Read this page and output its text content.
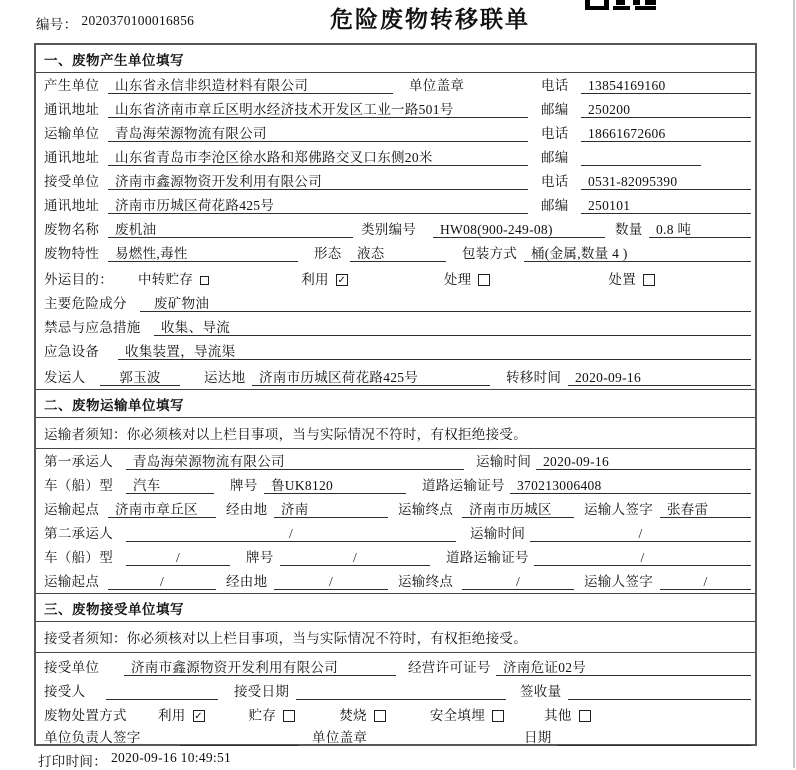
编号： 2020370100016856	危险废物转移联单
一、废物产生单位填写
产生单位	山东省永信非织造材料有限公司	单位盖章	电话	13854169160
通讯地址	山东省济南市章丘区明水经济技术开发区工业一路501号	邮编	250200
运输单位	青岛海荣源物流有限公司	电话	18661672606
通讯地址	山东省青岛市李沧区徐水路和郑佛路交叉口东侧20米	邮编
接受单位	济南市鑫源物资开发利用有限公司	电话	0531-82095390
通讯地址	济南市历城区荷花路425号	邮编	250101
废物名称	废机油	类别编号	HW08(900-249-08)	数量 0.8 吨
废物特性	易燃性,毒性	形态	液态	包装方式	桶(金属,数量 4 )
外运目的：	中转贮存	利用 ✓	处理	处置
主要危险成分	废矿物油
禁忌与应急措施	收集、导流
应急设备	收集装置，导流渠
发运人	郭玉波	运达地	济南市历城区荷花路425号	转移时间	2020-09-16
二、废物运输单位填写
运输者须知：你必须核对以上栏目事项，当与实际情况不符时，有权拒绝接受。
第一承运人	青岛海荣源物流有限公司	运输时间 2020-09-16
车（船）型	汽车	牌号 鲁UK8120	道路运输证号 370213006408
运输起点	济南市章丘区	经由地	济南	运输终点	济南市历城区	运输人签字	张春雷
第二承运人	/	运输时间	/
车（船）型	/	牌号	/	道路运输证号	/
运输起点	/	经由地	/	运输终点	/	运输人签字	/
三、废物接受单位填写
接受者须知：你必须核对以上栏目事项，当与实际情况不符时，有权拒绝接受。
接受单位	济南市鑫源物资开发利用有限公司	经营许可证号 济南危证02号
接受人	接受日期	签收量
废物处置方式	利用 ✓	贮存	焚烧	安全填埋	其他
单位负责人签字	单位盖章	日期
打印时间： 2020-09-16 10:49:51
